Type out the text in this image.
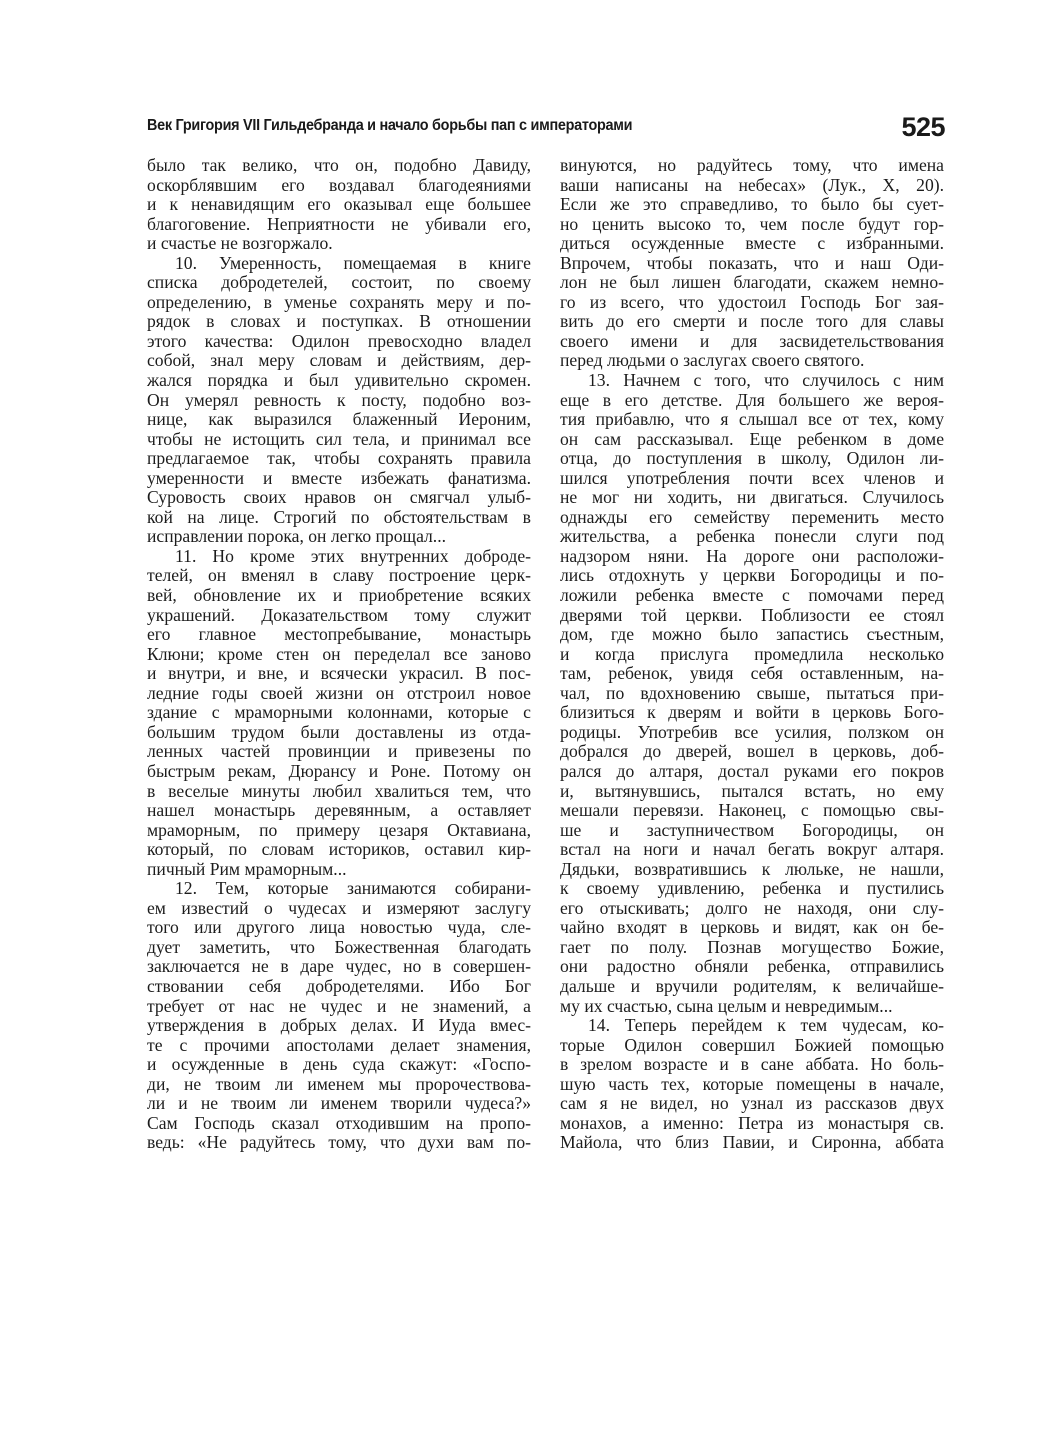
Век Григория VII Гильдебранда и начало борьбы пап с императорами	525
было так велико, что он, подобно Давиду,
оскорблявшим его воздавал благодеяниями
и к ненавидящим его оказывал еще большее
благоговение. Неприятности не убивали его,
и счастье не возгоржало.
10. Умеренность, помещаемая в книге
списка добродетелей, состоит, по своему
определению, в уменье сохранять меру и по-
рядок в словах и поступках. В отношении
этого качества: Одилон превосходно владел
собой, знал меру словам и действиям, дер-
жался порядка и был удивительно скромен.
Он умерял ревность к посту, подобно воз-
нице, как выразился блаженный Иероним,
чтобы не истощить сил тела, и принимал все
предлагаемое так, чтобы сохранять правила
умеренности и вместе избежать фанатизма.
Суровость своих нравов он смягчал улыб-
кой на лице. Строгий по обстоятельствам в
исправлении порока, он легко прощал...
11. Но кроме этих внутренних доброде-
телей, он вменял в славу построение церк-
вей, обновление их и приобретение всяких
украшений. Доказательством тому служит
его главное местопребывание, монастырь
Клюни; кроме стен он переделал все заново
и внутри, и вне, и всячески украсил. В пос-
ледние годы своей жизни он отстроил новое
здание с мраморными колоннами, которые с
большим трудом были доставлены из отда-
ленных частей провинции и привезены по
быстрым рекам, Дюрансу и Роне. Потому он
в веселые минуты любил хвалиться тем, что
нашел монастырь деревянным, а оставляет
мраморным, по примеру цезаря Октавиана,
который, по словам историков, оставил кир-
пичный Рим мраморным...
12. Тем, которые занимаются собирани-
ем известий о чудесах и измеряют заслугу
того или другого лица новостью чуда, сле-
дует заметить, что Божественная благодать
заключается не в даре чудес, но в совершен-
ствовании себя добродетелями. Ибо Бог
требует от нас не чудес и не знамений, а
утверждения в добрых делах. И Иуда вмес-
те с прочими апостолами делает знамения,
и осужденные в день суда скажут: «Госпо-
ди, не твоим ли именем мы пророчествова-
ли и не твоим ли именем творили чудеса?»
Сам Господь сказал отходившим на пропо-
ведь: «Не радуйтесь тому, что духи вам по-
винуются, но радуйтесь тому, что имена
ваши написаны на небесах» (Лук., X, 20).
Если же это справедливо, то было бы сует-
но ценить высоко то, чем после будут гор-
диться осужденные вместе с избранными.
Впрочем, чтобы показать, что и наш Оди-
лон не был лишен благодати, скажем немно-
го из всего, что удостоил Господь Бог зая-
вить до его смерти и после того для славы
своего имени и для засвидетельствования
перед людьми о заслугах своего святого.
13. Начнем с того, что случилось с ним
еще в его детстве. Для большего же вероя-
тия прибавлю, что я слышал все от тех, кому
он сам рассказывал. Еще ребенком в доме
отца, до поступления в школу, Одилон ли-
шился употребления почти всех членов и
не мог ни ходить, ни двигаться. Случилось
однажды его семейству переменить место
жительства, а ребенка понесли слуги под
надзором няни. На дороге они расположи-
лись отдохнуть у церкви Богородицы и по-
ложили ребенка вместе с помочами перед
дверями той церкви. Поблизости ее стоял
дом, где можно было запастись съестным,
и когда прислуга промедлила несколько
там, ребенок, увидя себя оставленным, на-
чал, по вдохновению свыше, пытаться при-
близиться к дверям и войти в церковь Бого-
родицы. Употребив все усилия, ползком он
добрался до дверей, вошел в церковь, доб-
рался до алтаря, достал руками его покров
и, вытянувшись, пытался встать, но ему
мешали перевязи. Наконец, с помощью свы-
ше и заступничеством Богородицы, он
встал на ноги и начал бегать вокруг алтаря.
Дядьки, возвратившись к люльке, не нашли,
к своему удивлению, ребенка и пустились
его отыскивать; долго не находя, они слу-
чайно входят в церковь и видят, как он бе-
гает по полу. Познав могущество Божие,
они радостно обняли ребенка, отправились
дальше и вручили родителям, к величайше-
му их счастью, сына целым и невредимым...
14. Теперь перейдем к тем чудесам, ко-
торые Одилон совершил Божией помощью
в зрелом возрасте и в сане аббата. Но боль-
шую часть тех, которые помещены в начале,
сам я не видел, но узнал из рассказов двух
монахов, а именно: Петра из монастыря св.
Майола, что близ Павии, и Сиронна, аббата
